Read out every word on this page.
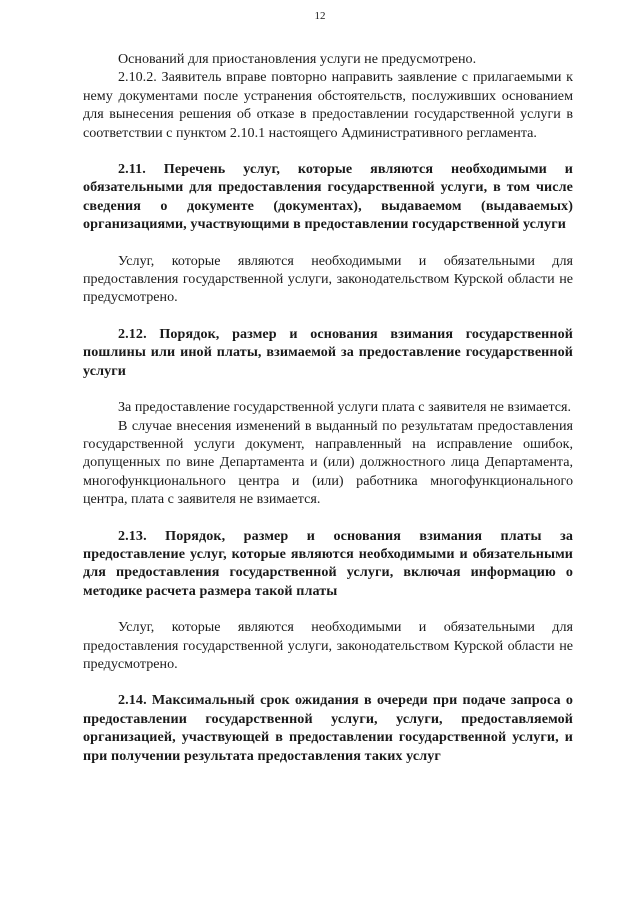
12

Оснований для приостановления услуги не предусмотрено.

2.10.2. Заявитель вправе повторно направить заявление с прилагаемыми к нему документами после устранения обстоятельств, послуживших основанием для вынесения решения об отказе в предоставлении государственной услуги в соответствии с пунктом 2.10.1 настоящего Административного регламента.

2.11. Перечень услуг, которые являются необходимыми и обязательными для предоставления государственной услуги, в том числе сведения о документе (документах), выдаваемом (выдаваемых) организациями, участвующими в предоставлении государственной услуги

Услуг, которые являются необходимыми и обязательными для предоставления государственной услуги, законодательством Курской области не предусмотрено.

2.12. Порядок, размер и основания взимания государственной пошлины или иной платы, взимаемой за предоставление государственной услуги

За предоставление государственной услуги плата с заявителя не взимается.

В случае внесения изменений в выданный по результатам предоставления государственной услуги документ, направленный на исправление ошибок, допущенных по вине Департамента и (или) должностного лица Департамента, многофункционального центра и (или) работника многофункционального центра, плата с заявителя не взимается.

2.13. Порядок, размер и основания взимания платы за предоставление услуг, которые являются необходимыми и обязательными для предоставления государственной услуги, включая информацию о методике расчета размера такой платы

Услуг, которые являются необходимыми и обязательными для предоставления государственной услуги, законодательством Курской области не предусмотрено.

2.14. Максимальный срок ожидания в очереди при подаче запроса о предоставлении государственной услуги, услуги, предоставляемой организацией, участвующей в предоставлении государственной услуги, и при получении результата предоставления таких услуг
